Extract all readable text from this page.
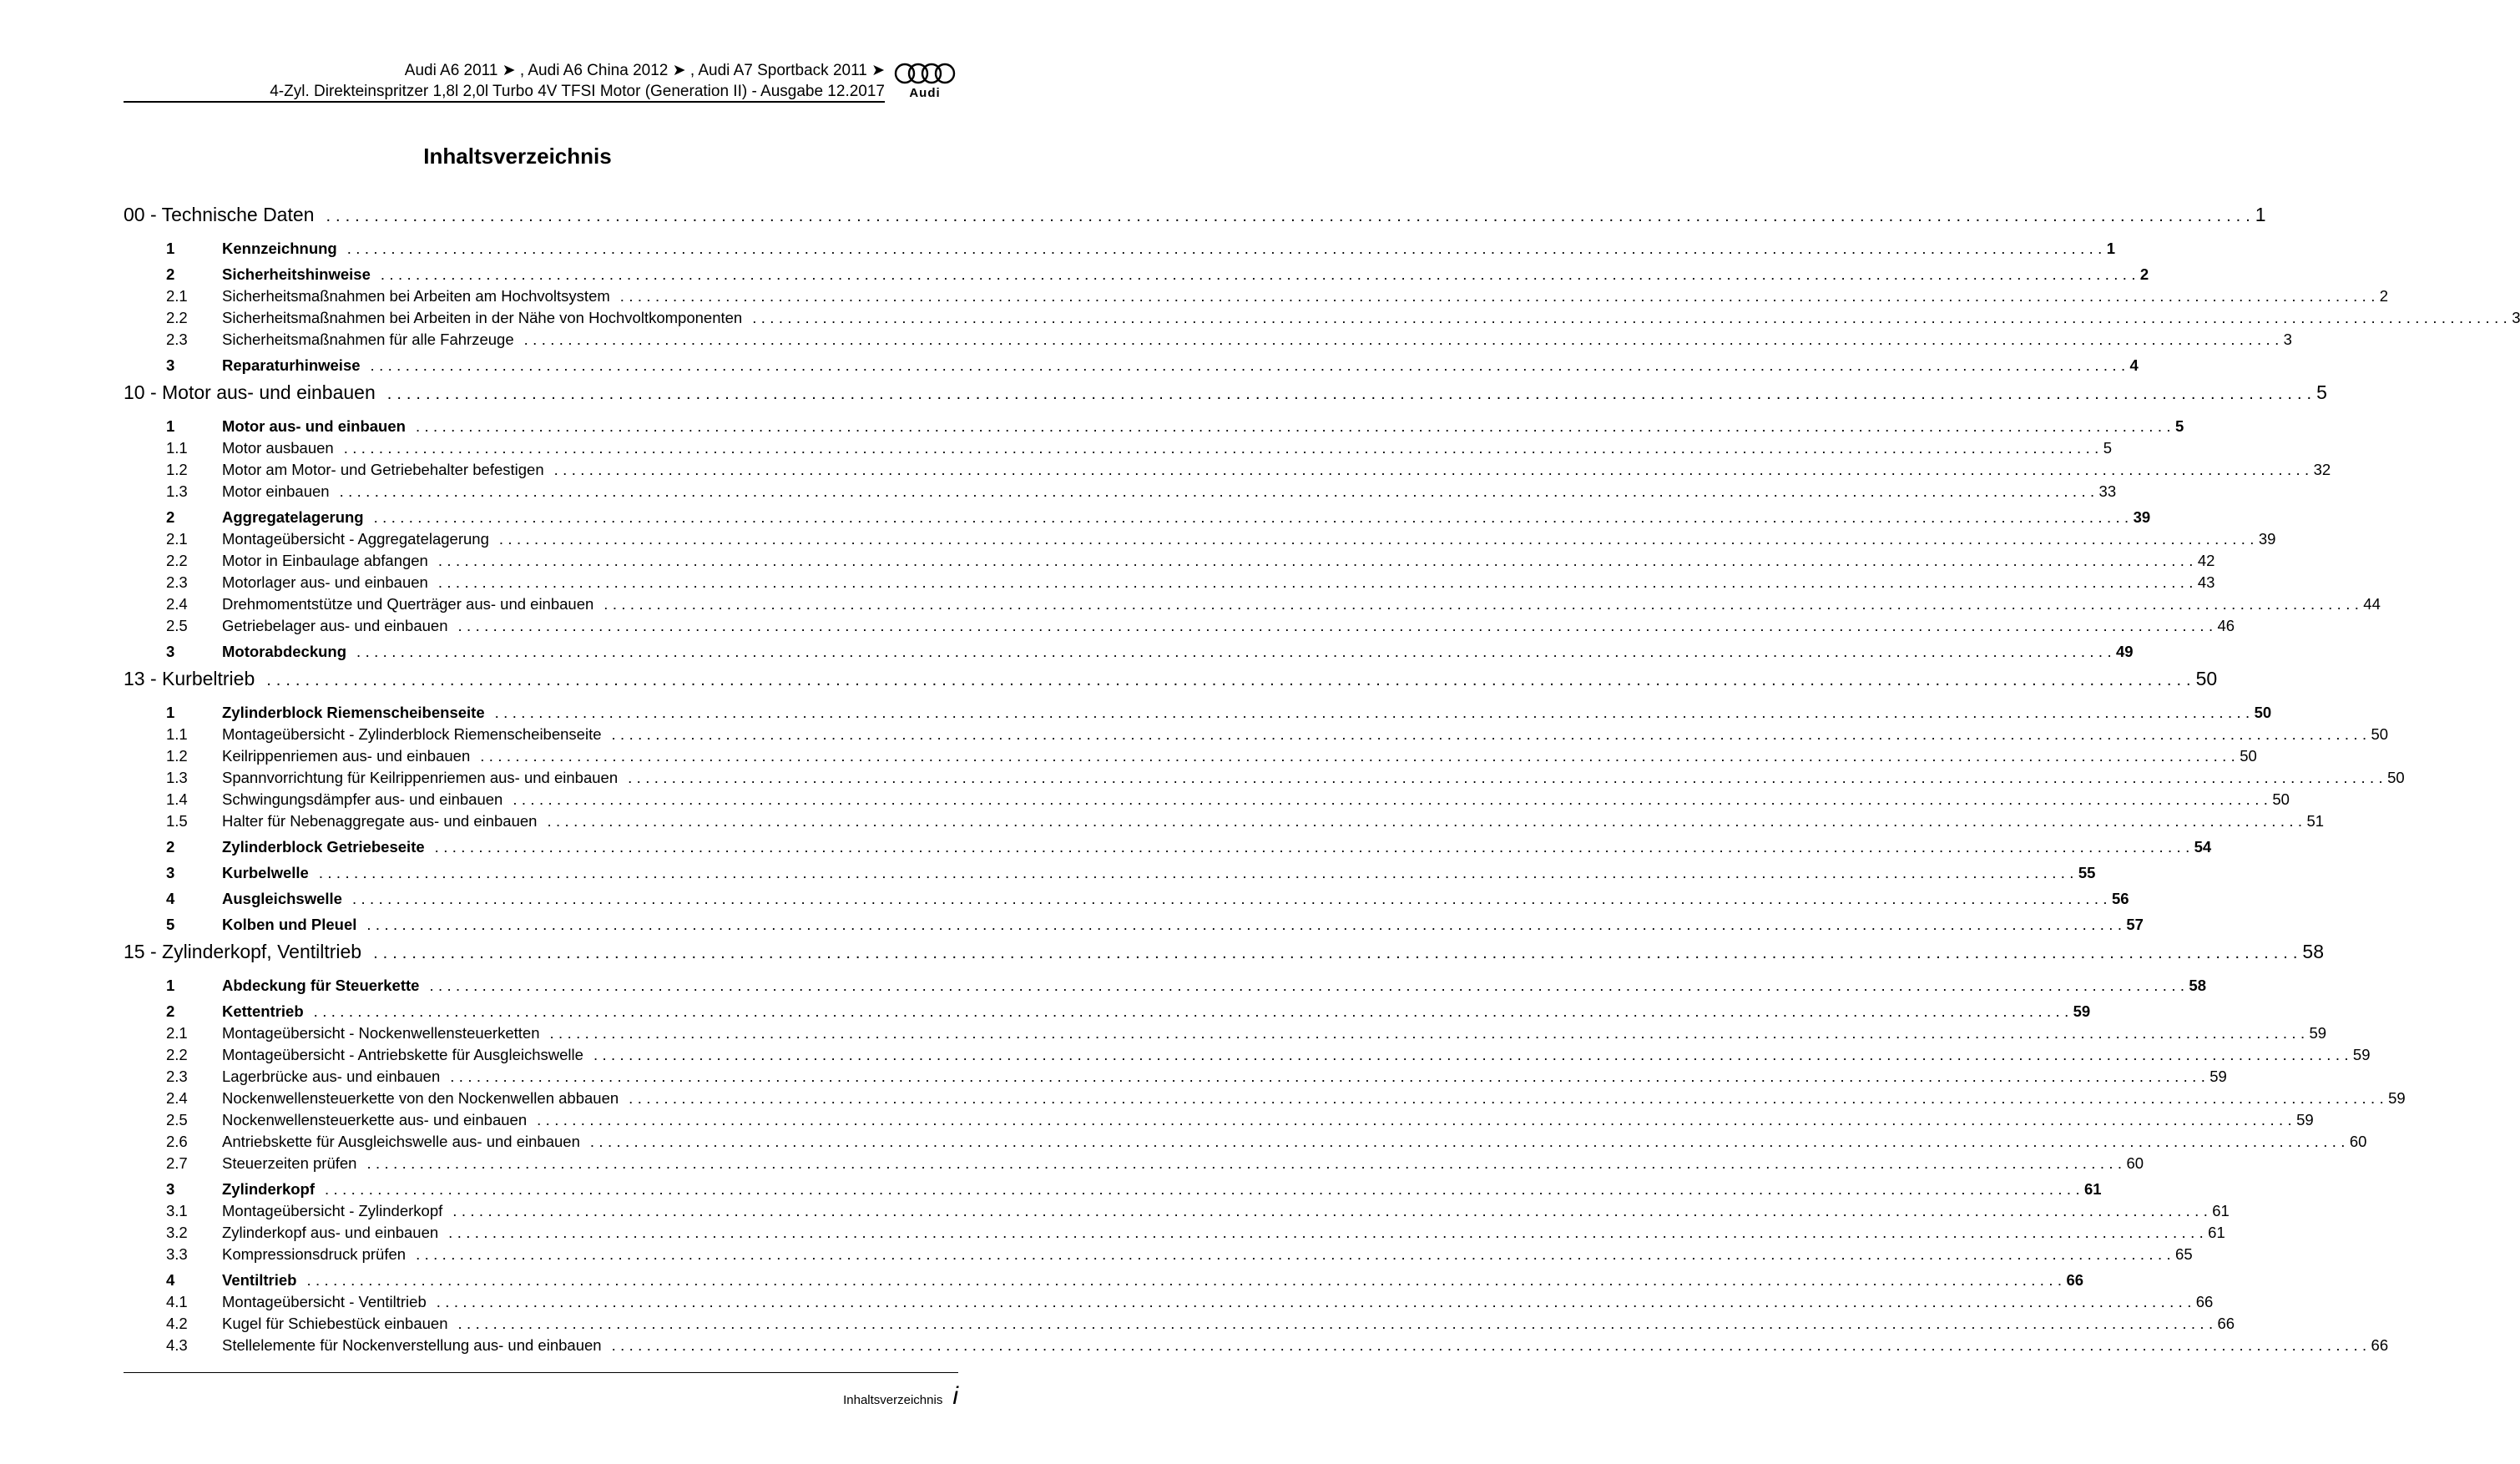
Audi A6 2011 ➤ , Audi A6 China 2012 ➤ , Audi A7 Sportback 2011 ➤
4-Zyl. Direkteinspritzer 1,8l 2,0l Turbo 4V TFSI Motor (Generation II) - Ausgabe 12.2017	Audi
Inhaltsverzeichnis
00 - Technische Daten ........................................................................................................................................................................................................ 1
1	Kennzeichnung ........................................................................................................................................................................................................ 1
2	Sicherheitshinweise ........................................................................................................................................................................................................ 2
2.1	Sicherheitsmaßnahmen bei Arbeiten am Hochvoltsystem ........................................................................................................................................................................................................ 2
2.2	Sicherheitsmaßnahmen bei Arbeiten in der Nähe von Hochvoltkomponenten ........................................................................................................................................................................................................ 3
2.3	Sicherheitsmaßnahmen für alle Fahrzeuge ........................................................................................................................................................................................................ 3
3	Reparaturhinweise ........................................................................................................................................................................................................ 4
10 - Motor aus- und einbauen ........................................................................................................................................................................................................ 5
1	Motor aus- und einbauen ........................................................................................................................................................................................................ 5
1.1	Motor ausbauen ........................................................................................................................................................................................................ 5
1.2	Motor am Motor- und Getriebehalter befestigen ........................................................................................................................................................................................................ 32
1.3	Motor einbauen ........................................................................................................................................................................................................ 33
2	Aggregatelagerung ........................................................................................................................................................................................................ 39
2.1	Montageübersicht - Aggregatelagerung ........................................................................................................................................................................................................ 39
2.2	Motor in Einbaulage abfangen ........................................................................................................................................................................................................ 42
2.3	Motorlager aus- und einbauen ........................................................................................................................................................................................................ 43
2.4	Drehmomentstütze und Querträger aus- und einbauen ........................................................................................................................................................................................................ 44
2.5	Getriebelager aus- und einbauen ........................................................................................................................................................................................................ 46
3	Motorabdeckung ........................................................................................................................................................................................................ 49
13 - Kurbeltrieb ........................................................................................................................................................................................................ 50
1	Zylinderblock Riemenscheibenseite ........................................................................................................................................................................................................ 50
1.1	Montageübersicht - Zylinderblock Riemenscheibenseite ........................................................................................................................................................................................................ 50
1.2	Keilrippenriemen aus- und einbauen ........................................................................................................................................................................................................ 50
1.3	Spannvorrichtung für Keilrippenriemen aus- und einbauen ........................................................................................................................................................................................................ 50
1.4	Schwingungsdämpfer aus- und einbauen ........................................................................................................................................................................................................ 50
1.5	Halter für Nebenaggregate aus- und einbauen ........................................................................................................................................................................................................ 51
2	Zylinderblock Getriebeseite ........................................................................................................................................................................................................ 54
3	Kurbelwelle ........................................................................................................................................................................................................ 55
4	Ausgleichswelle ........................................................................................................................................................................................................ 56
5	Kolben und Pleuel ........................................................................................................................................................................................................ 57
15 - Zylinderkopf, Ventiltrieb ........................................................................................................................................................................................................ 58
1	Abdeckung für Steuerkette ........................................................................................................................................................................................................ 58
2	Kettentrieb ........................................................................................................................................................................................................ 59
2.1	Montageübersicht - Nockenwellensteuerketten ........................................................................................................................................................................................................ 59
2.2	Montageübersicht - Antriebskette für Ausgleichswelle ........................................................................................................................................................................................................ 59
2.3	Lagerbrücke aus- und einbauen ........................................................................................................................................................................................................ 59
2.4	Nockenwellensteuerkette von den Nockenwellen abbauen ........................................................................................................................................................................................................ 59
2.5	Nockenwellensteuerkette aus- und einbauen ........................................................................................................................................................................................................ 59
2.6	Antriebskette für Ausgleichswelle aus- und einbauen ........................................................................................................................................................................................................ 60
2.7	Steuerzeiten prüfen ........................................................................................................................................................................................................ 60
3	Zylinderkopf ........................................................................................................................................................................................................ 61
3.1	Montageübersicht - Zylinderkopf ........................................................................................................................................................................................................ 61
3.2	Zylinderkopf aus- und einbauen ........................................................................................................................................................................................................ 61
3.3	Kompressionsdruck prüfen ........................................................................................................................................................................................................ 65
4	Ventiltrieb ........................................................................................................................................................................................................ 66
4.1	Montageübersicht - Ventiltrieb ........................................................................................................................................................................................................ 66
4.2	Kugel für Schiebestück einbauen ........................................................................................................................................................................................................ 66
4.3	Stellelemente für Nockenverstellung aus- und einbauen ........................................................................................................................................................................................................ 66
Inhaltsverzeichnis i
